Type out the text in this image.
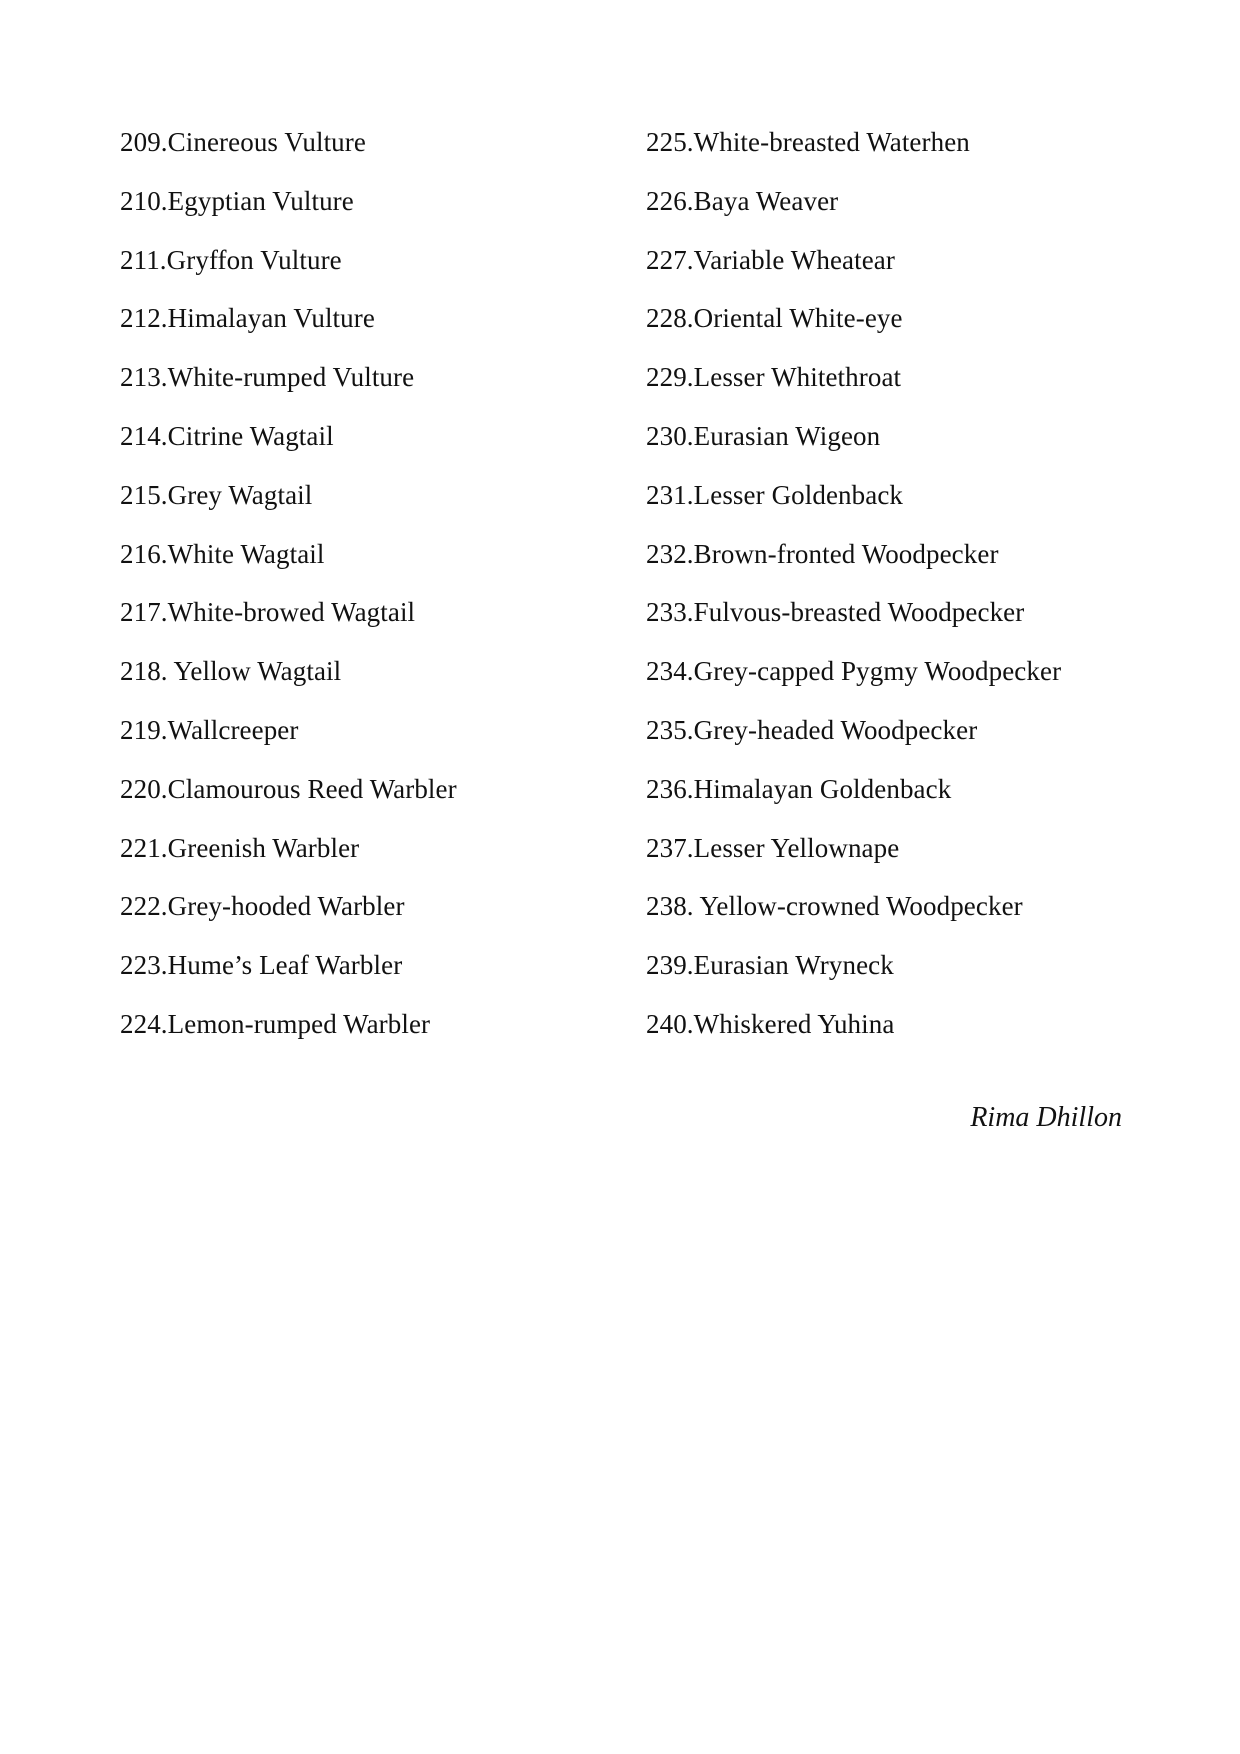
209.Cinereous Vulture
210.Egyptian Vulture
211.Gryffon Vulture
212.Himalayan Vulture
213.White-rumped Vulture
214.Citrine Wagtail
215.Grey Wagtail
216.White Wagtail
217.White-browed Wagtail
218. Yellow Wagtail
219.Wallcreeper
220.Clamourous Reed Warbler
221.Greenish Warbler
222.Grey-hooded Warbler
223.Hume’s Leaf Warbler
224.Lemon-rumped Warbler
225.White-breasted Waterhen
226.Baya Weaver
227.Variable Wheatear
228.Oriental White-eye
229.Lesser Whitethroat
230.Eurasian Wigeon
231.Lesser Goldenback
232.Brown-fronted Woodpecker
233.Fulvous-breasted Woodpecker
234.Grey-capped Pygmy Woodpecker
235.Grey-headed Woodpecker
236.Himalayan Goldenback
237.Lesser Yellownape
238. Yellow-crowned Woodpecker
239.Eurasian Wryneck
240.Whiskered Yuhina
Rima Dhillon
